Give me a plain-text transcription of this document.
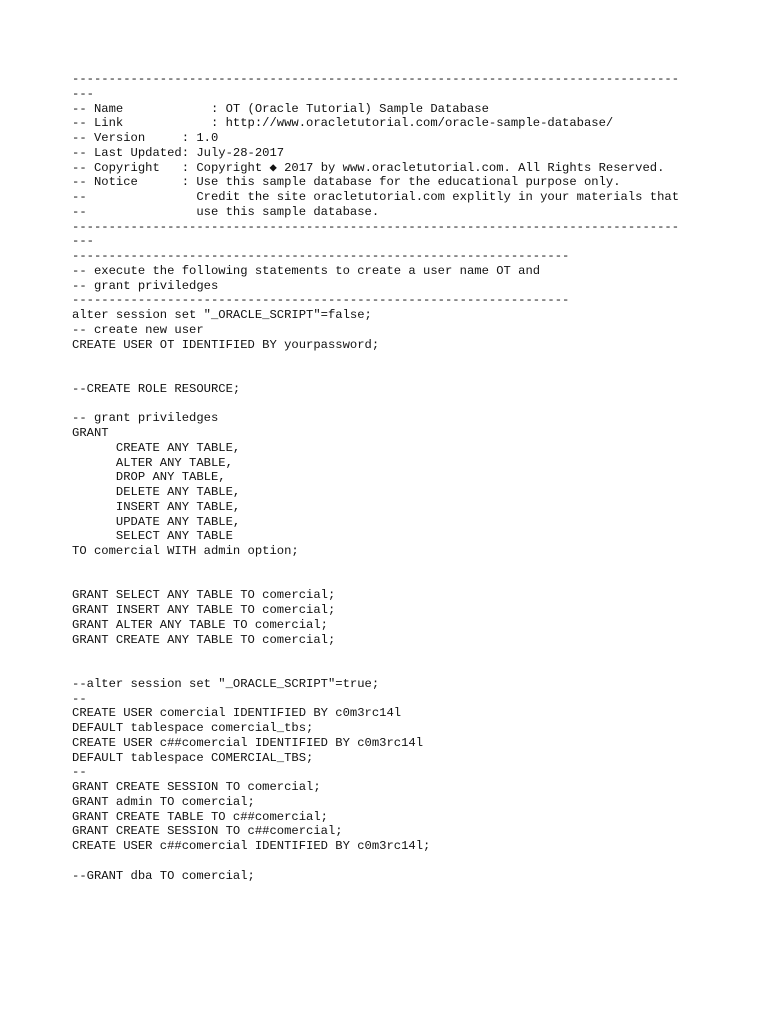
-----------------------------------------------------------------------------------
---
-- Name            : OT (Oracle Tutorial) Sample Database
-- Link            : http://www.oracletutorial.com/oracle-sample-database/
-- Version     : 1.0
-- Last Updated: July-28-2017
-- Copyright   : Copyright ◆ 2017 by www.oracletutorial.com. All Rights Reserved.
-- Notice      : Use this sample database for the educational purpose only.
--               Credit the site oracletutorial.com explitly in your materials that
--               use this sample database.
-----------------------------------------------------------------------------------
---
--------------------------------------------------------------------
-- execute the following statements to create a user name OT and
-- grant priviledges
--------------------------------------------------------------------
alter session set "_ORACLE_SCRIPT"=false;
-- create new user
CREATE USER OT IDENTIFIED BY yourpassword;
--CREATE ROLE RESOURCE;
-- grant priviledges
GRANT
CREATE ANY TABLE,
ALTER ANY TABLE,
DROP ANY TABLE,
DELETE ANY TABLE,
INSERT ANY TABLE,
UPDATE ANY TABLE,
SELECT ANY TABLE
TO comercial WITH admin option;
GRANT SELECT ANY TABLE TO comercial;
GRANT INSERT ANY TABLE TO comercial;
GRANT ALTER ANY TABLE TO comercial;
GRANT CREATE ANY TABLE TO comercial;
--alter session set "_ORACLE_SCRIPT"=true;
--
CREATE USER comercial IDENTIFIED BY c0m3rc14l
DEFAULT tablespace comercial_tbs;
CREATE USER c##comercial IDENTIFIED BY c0m3rc14l
DEFAULT tablespace COMERCIAL_TBS;
--
GRANT CREATE SESSION TO comercial;
GRANT admin TO comercial;
GRANT CREATE TABLE TO c##comercial;
GRANT CREATE SESSION TO c##comercial;
CREATE USER c##comercial IDENTIFIED BY c0m3rc14l;
--GRANT dba TO comercial;
